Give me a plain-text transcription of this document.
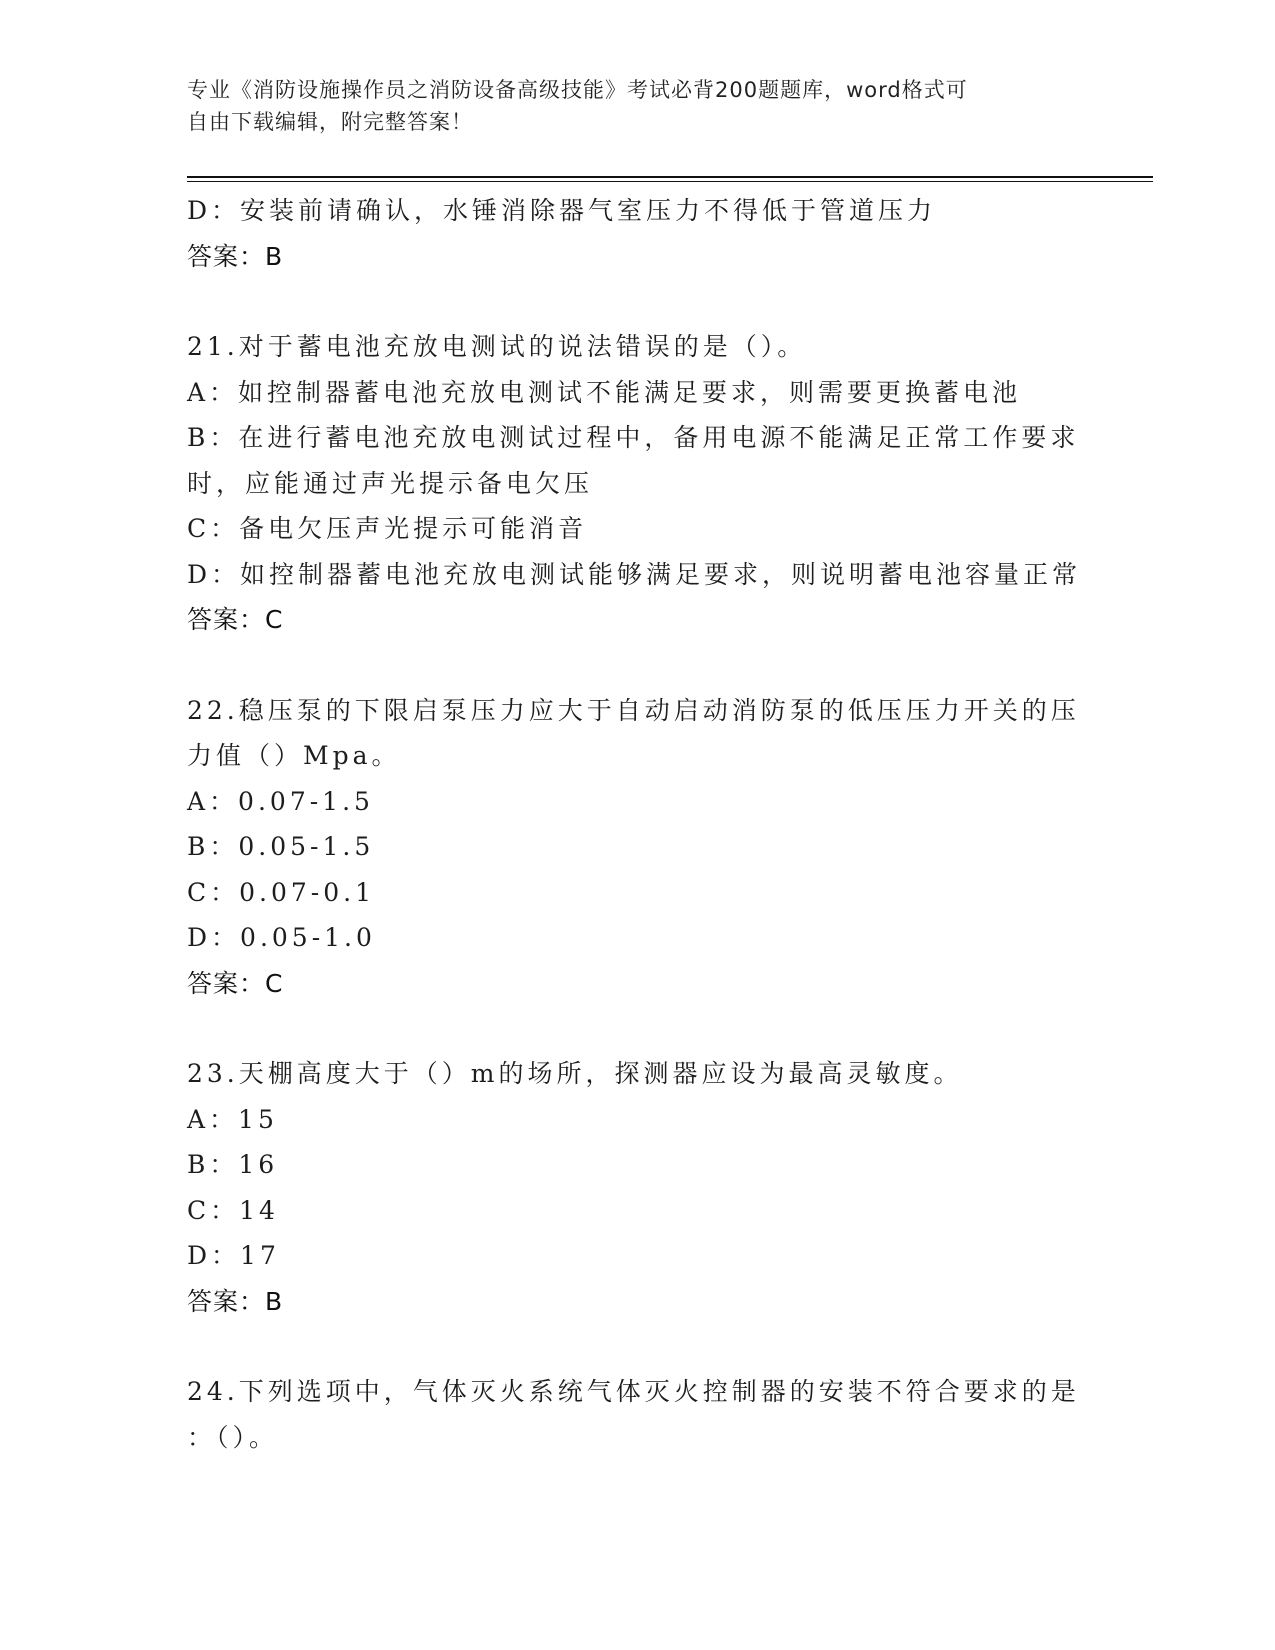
专业《消防设施操作员之消防设备高级技能》考试必背200题题库，word格式可
自由下载编辑，附完整答案！
D：安装前请确认，水锤消除器气室压力不得低于管道压力
答案：B
21.对于蓄电池充放电测试的说法错误的是（）。
A：如控制器蓄电池充放电测试不能满足要求，则需要更换蓄电池
B：在进行蓄电池充放电测试过程中，备用电源不能满足正常工作要求
时，应能通过声光提示备电欠压
C：备电欠压声光提示可能消音
D：如控制器蓄电池充放电测试能够满足要求，则说明蓄电池容量正常
答案：C
22.稳压泵的下限启泵压力应大于自动启动消防泵的低压压力开关的压
力值（）Mpa。
A：0.07-1.5
B：0.05-1.5
C：0.07-0.1
D：0.05-1.0
答案：C
23.天棚高度大于（）m的场所，探测器应设为最高灵敏度。
A：15
B：16
C：14
D：17
答案：B
24.下列选项中，气体灭火系统气体灭火控制器的安装不符合要求的是
：（）。
